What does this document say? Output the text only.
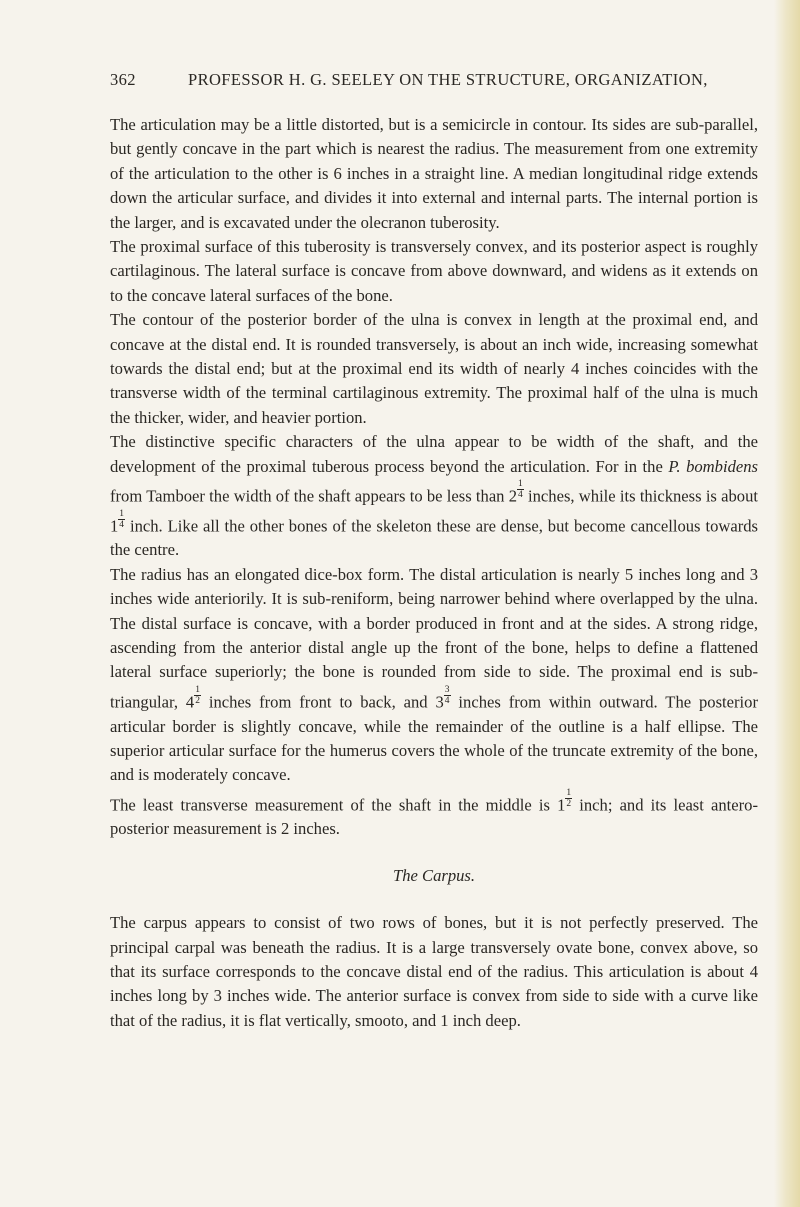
362	PROFESSOR H. G. SEELEY ON THE STRUCTURE, ORGANIZATION,

The articulation may be a little distorted, but is a semicircle in contour. Its sides are sub-parallel, but gently concave in the part which is nearest the radius. The measurement from one extremity of the articulation to the other is 6 inches in a straight line. A median longitudinal ridge extends down the articular surface, and divides it into external and internal parts. The internal portion is the larger, and is excavated under the olecranon tuberosity.

The proximal surface of this tuberosity is transversely convex, and its posterior aspect is roughly cartilaginous. The lateral surface is concave from above downward, and widens as it extends on to the concave lateral surfaces of the bone.

The contour of the posterior border of the ulna is convex in length at the proximal end, and concave at the distal end. It is rounded transversely, is about an inch wide, increasing somewhat towards the distal end; but at the proximal end its width of nearly 4 inches coincides with the transverse width of the terminal cartilaginous extremity. The proximal half of the ulna is much the thicker, wider, and heavier portion.

The distinctive specific characters of the ulna appear to be width of the shaft, and the development of the proximal tuberous process beyond the articulation. For in the P. bombidens from Tamboer the width of the shaft appears to be less than $2 \frac{1}{4}$ inches, while its thickness is about $1 \frac{1}{4}$ inch. Like all the other bones of the skeleton these are dense, but become cancellous towards the centre.

The radius has an elongated dice-box form. The distal articulation is nearly 5 inches long and 3 inches wide anteriorily. It is sub-reniform, being narrower behind where overlapped by the ulna. The distal surface is concave, with a border produced in front and at the sides. A strong ridge, ascending from the anterior distal angle up the front of the bone, helps to define a flattened lateral surface superiorly; the bone is rounded from side to side. The proximal end is sub-triangular, $4 \frac{1}{2}$ inches from front to back, and $3 \frac{3}{4}$ inches from within outward. The posterior articular border is slightly concave, while the remainder of the outline is a half ellipse. The superior articular surface for the humerus covers the whole of the truncate extremity of the bone, and is moderately concave.

The least transverse measurement of the shaft in the middle is $1 \frac{1}{2}$ inch; and its least antero-posterior measurement is 2 inches.

The Carpus.

The carpus appears to consist of two rows of bones, but it is not perfectly preserved. The principal carpal was beneath the radius. It is a large transversely ovate bone, convex above, so that its surface corresponds to the concave distal end of the radius. This articulation is about 4 inches long by 3 inches wide. The anterior surface is convex from side to side with a curve like that of the radius, it is flat vertically, smooto, and 1 inch deep.
